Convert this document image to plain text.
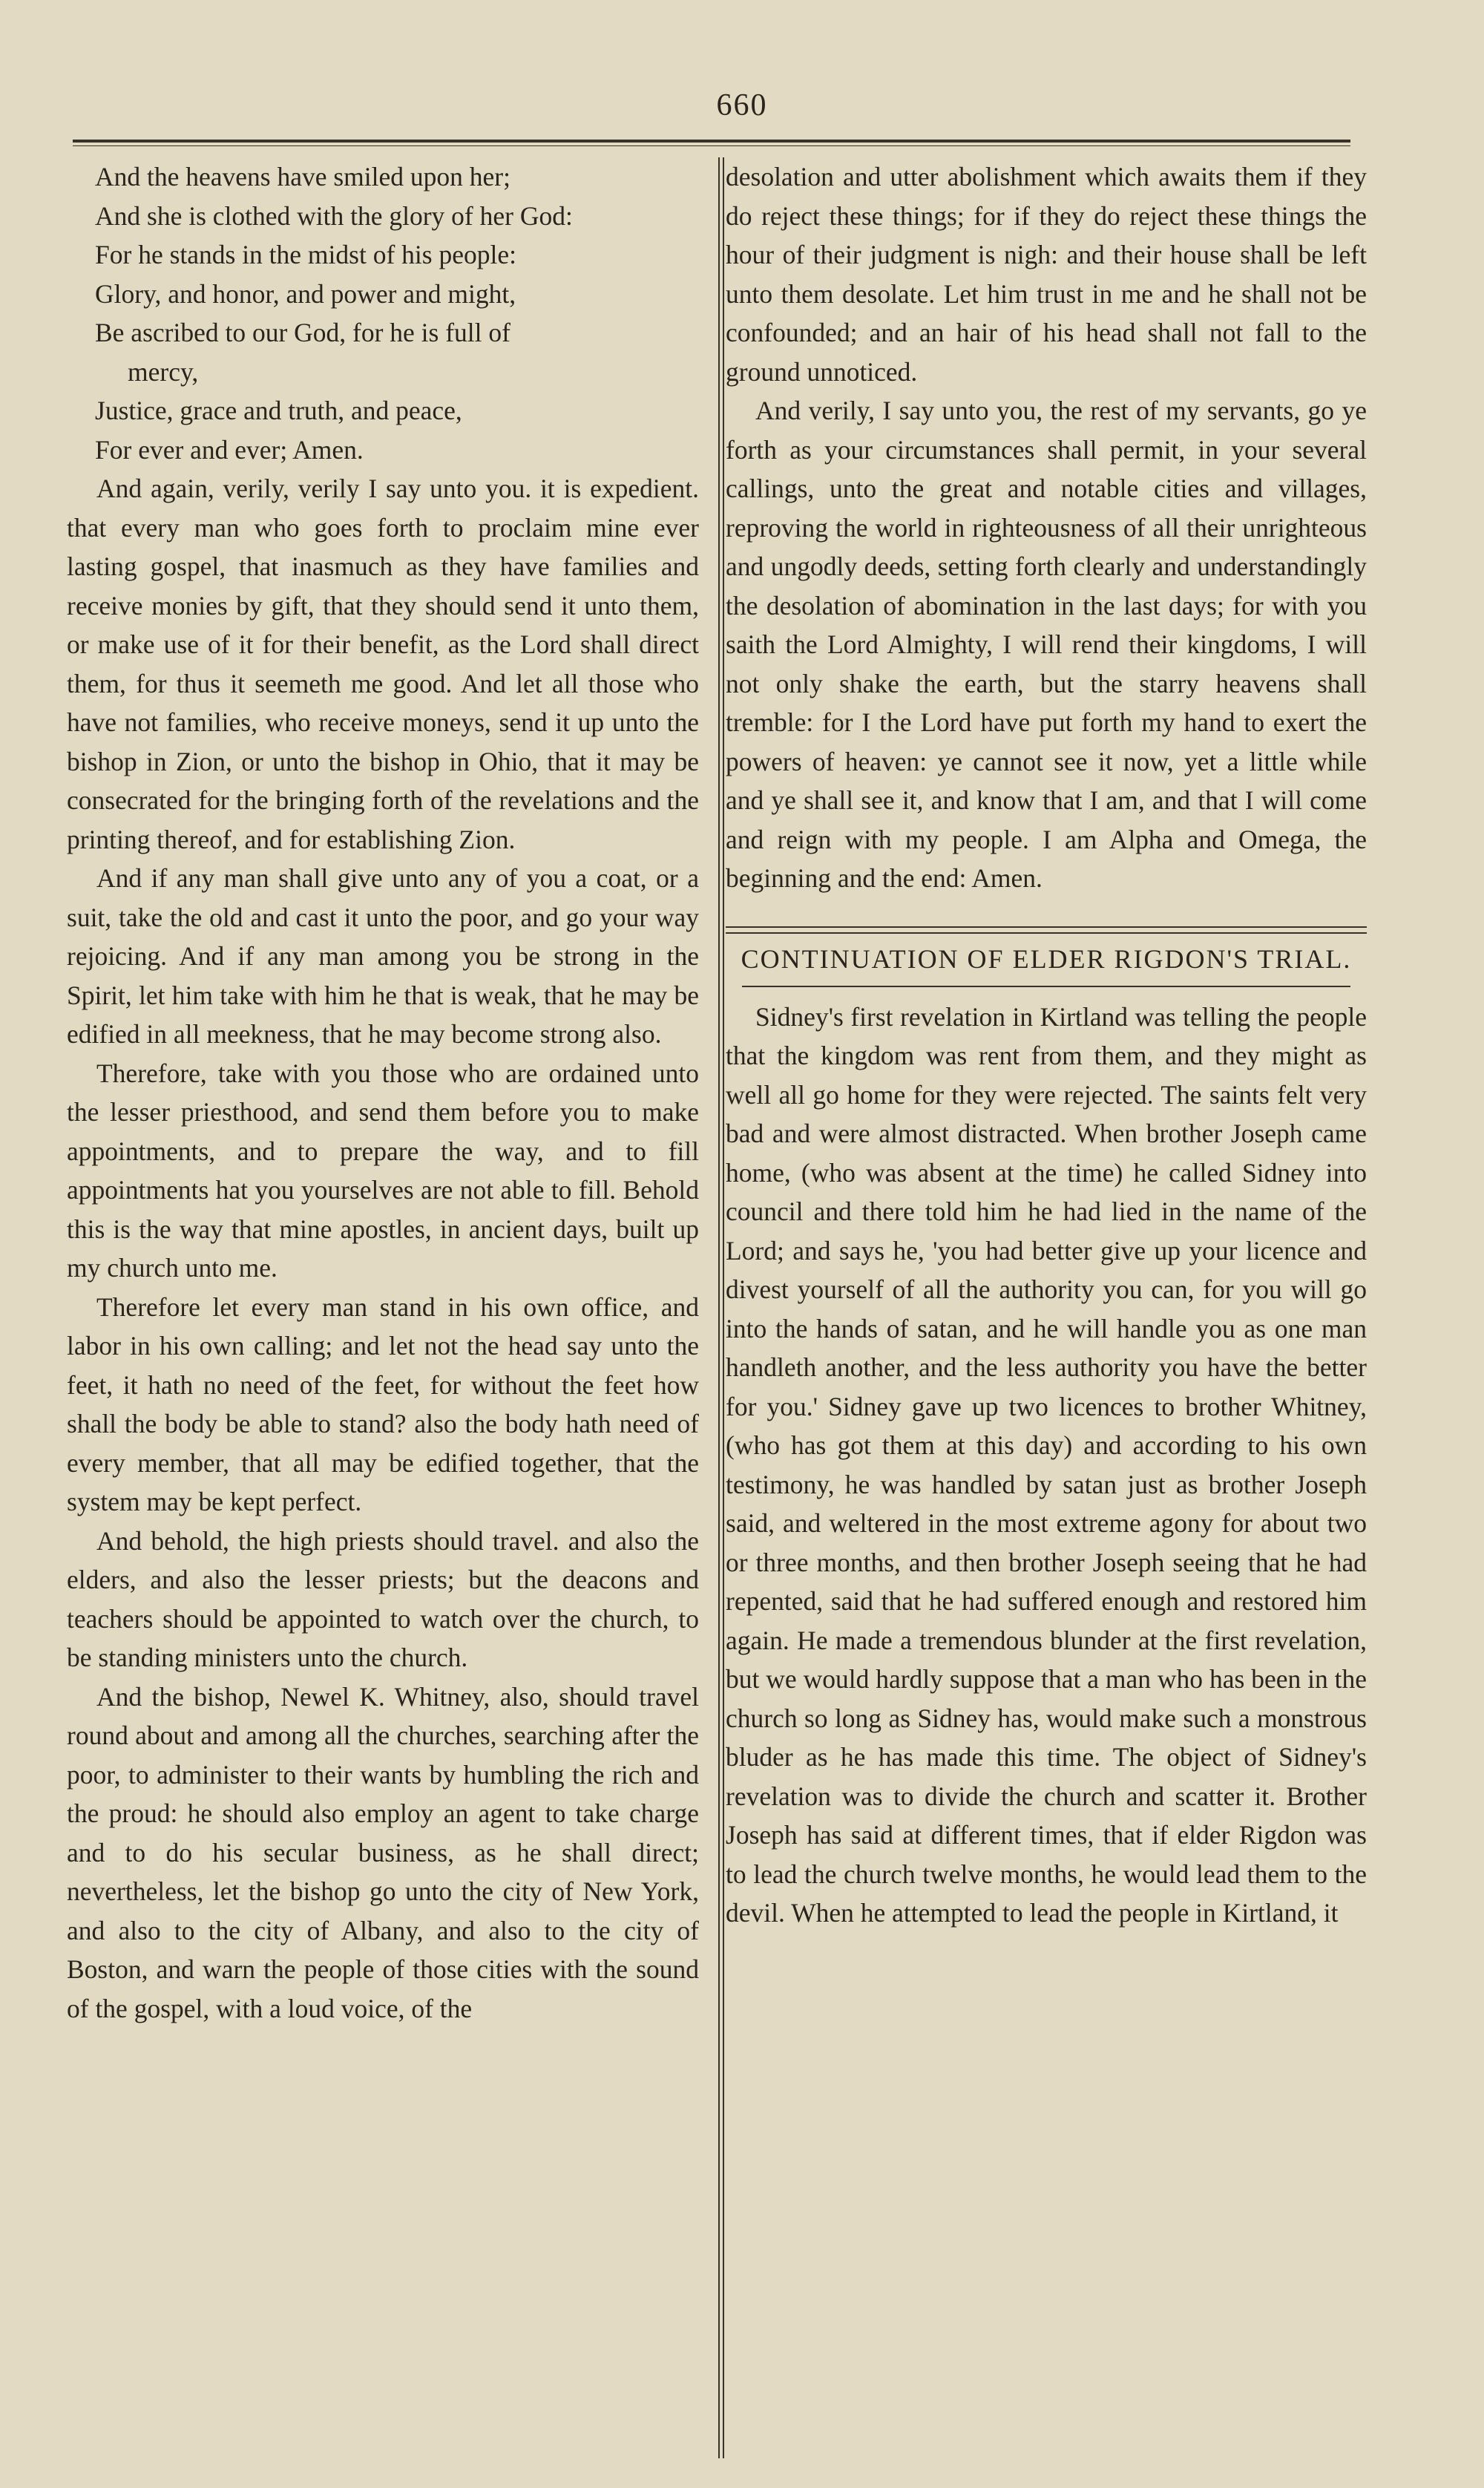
660
And the heavens have smiled upon her;
And she is clothed with the glory of her God:
For he stands in the midst of his people:
Glory, and honor, and power and might,
Be ascribed to our God, for he is full of
mercy,
Justice, grace and truth, and peace,
For ever and ever; Amen.

And again, verily, verily I say unto you. it is expedient. that every man who goes forth to proclaim mine ever lasting gospel, that inasmuch as they have families and receive monies by gift, that they should send it unto them, or make use of it for their benefit, as the Lord shall direct them, for thus it seemeth me good. And let all those who have not families, who receive moneys, send it up unto the bishop in Zion, or unto the bishop in Ohio, that it may be consecrated for the bringing forth of the revelations and the printing thereof, and for establishing Zion.

And if any man shall give unto any of you a coat, or a suit, take the old and cast it unto the poor, and go your way rejoicing. And if any man among you be strong in the Spirit, let him take with him he that is weak, that he may be edified in all meekness, that he may become strong also.

Therefore, take with you those who are ordained unto the lesser priesthood, and send them before you to make appointments, and to prepare the way, and to fill appointments hat you yourselves are not able to fill. Behold this is the way that mine apostles, in ancient days, built up my church unto me.

Therefore let every man stand in his own office, and labor in his own calling; and let not the head say unto the feet, it hath no need of the feet, for without the feet how shall the body be able to stand? also the body hath need of every member, that all may be edified together, that the system may be kept perfect.

And behold, the high priests should travel. and also the elders, and also the lesser priests; but the deacons and teachers should be appointed to watch over the church, to be standing ministers unto the church.

And the bishop, Newel K. Whitney, also, should travel round about and among all the churches, searching after the poor, to administer to their wants by humbling the rich and the proud: he should also employ an agent to take charge and to do his secular business, as he shall direct; nevertheless, let the bishop go unto the city of New York, and also to the city of Albany, and also to the city of Boston, and warn the people of those cities with the sound of the gospel, with a loud voice, of the

desolation and utter abolishment which awaits them if they do reject these things; for if they do reject these things the hour of their judgment is nigh: and their house shall be left unto them desolate. Let him trust in me and he shall not be confounded; and an hair of his head shall not fall to the ground unnoticed.

And verily, I say unto you, the rest of my servants, go ye forth as your circumstances shall permit, in your several callings, unto the great and notable cities and villages, reproving the world in righteousness of all their unrighteous and ungodly deeds, setting forth clearly and understandingly the desolation of abomination in the last days; for with you saith the Lord Almighty, I will rend their kingdoms, I will not only shake the earth, but the starry heavens shall tremble: for I the Lord have put forth my hand to exert the powers of heaven: ye cannot see it now, yet a little while and ye shall see it, and know that I am, and that I will come and reign with my people. I am Alpha and Omega, the beginning and the end: Amen.

CONTINUATION OF ELDER RIGDON'S TRIAL.

Sidney's first revelation in Kirtland was telling the people that the kingdom was rent from them, and they might as well all go home for they were rejected. The saints felt very bad and were almost distracted. When brother Joseph came home, (who was absent at the time) he called Sidney into council and there told him he had lied in the name of the Lord; and says he, 'you had better give up your licence and divest yourself of all the authority you can, for you will go into the hands of satan, and he will handle you as one man handleth another, and the less authority you have the better for you.' Sidney gave up two licences to brother Whitney, (who has got them at this day) and according to his own testimony, he was handled by satan just as brother Joseph said, and weltered in the most extreme agony for about two or three months, and then brother Joseph seeing that he had repented, said that he had suffered enough and restored him again. He made a tremendous blunder at the first revelation, but we would hardly suppose that a man who has been in the church so long as Sidney has, would make such a monstrous bluder as he has made this time. The object of Sidney's revelation was to divide the church and scatter it. Brother Joseph has said at different times, that if elder Rigdon was to lead the church twelve months, he would lead them to the devil. When he attempted to lead the people in Kirtland, it
